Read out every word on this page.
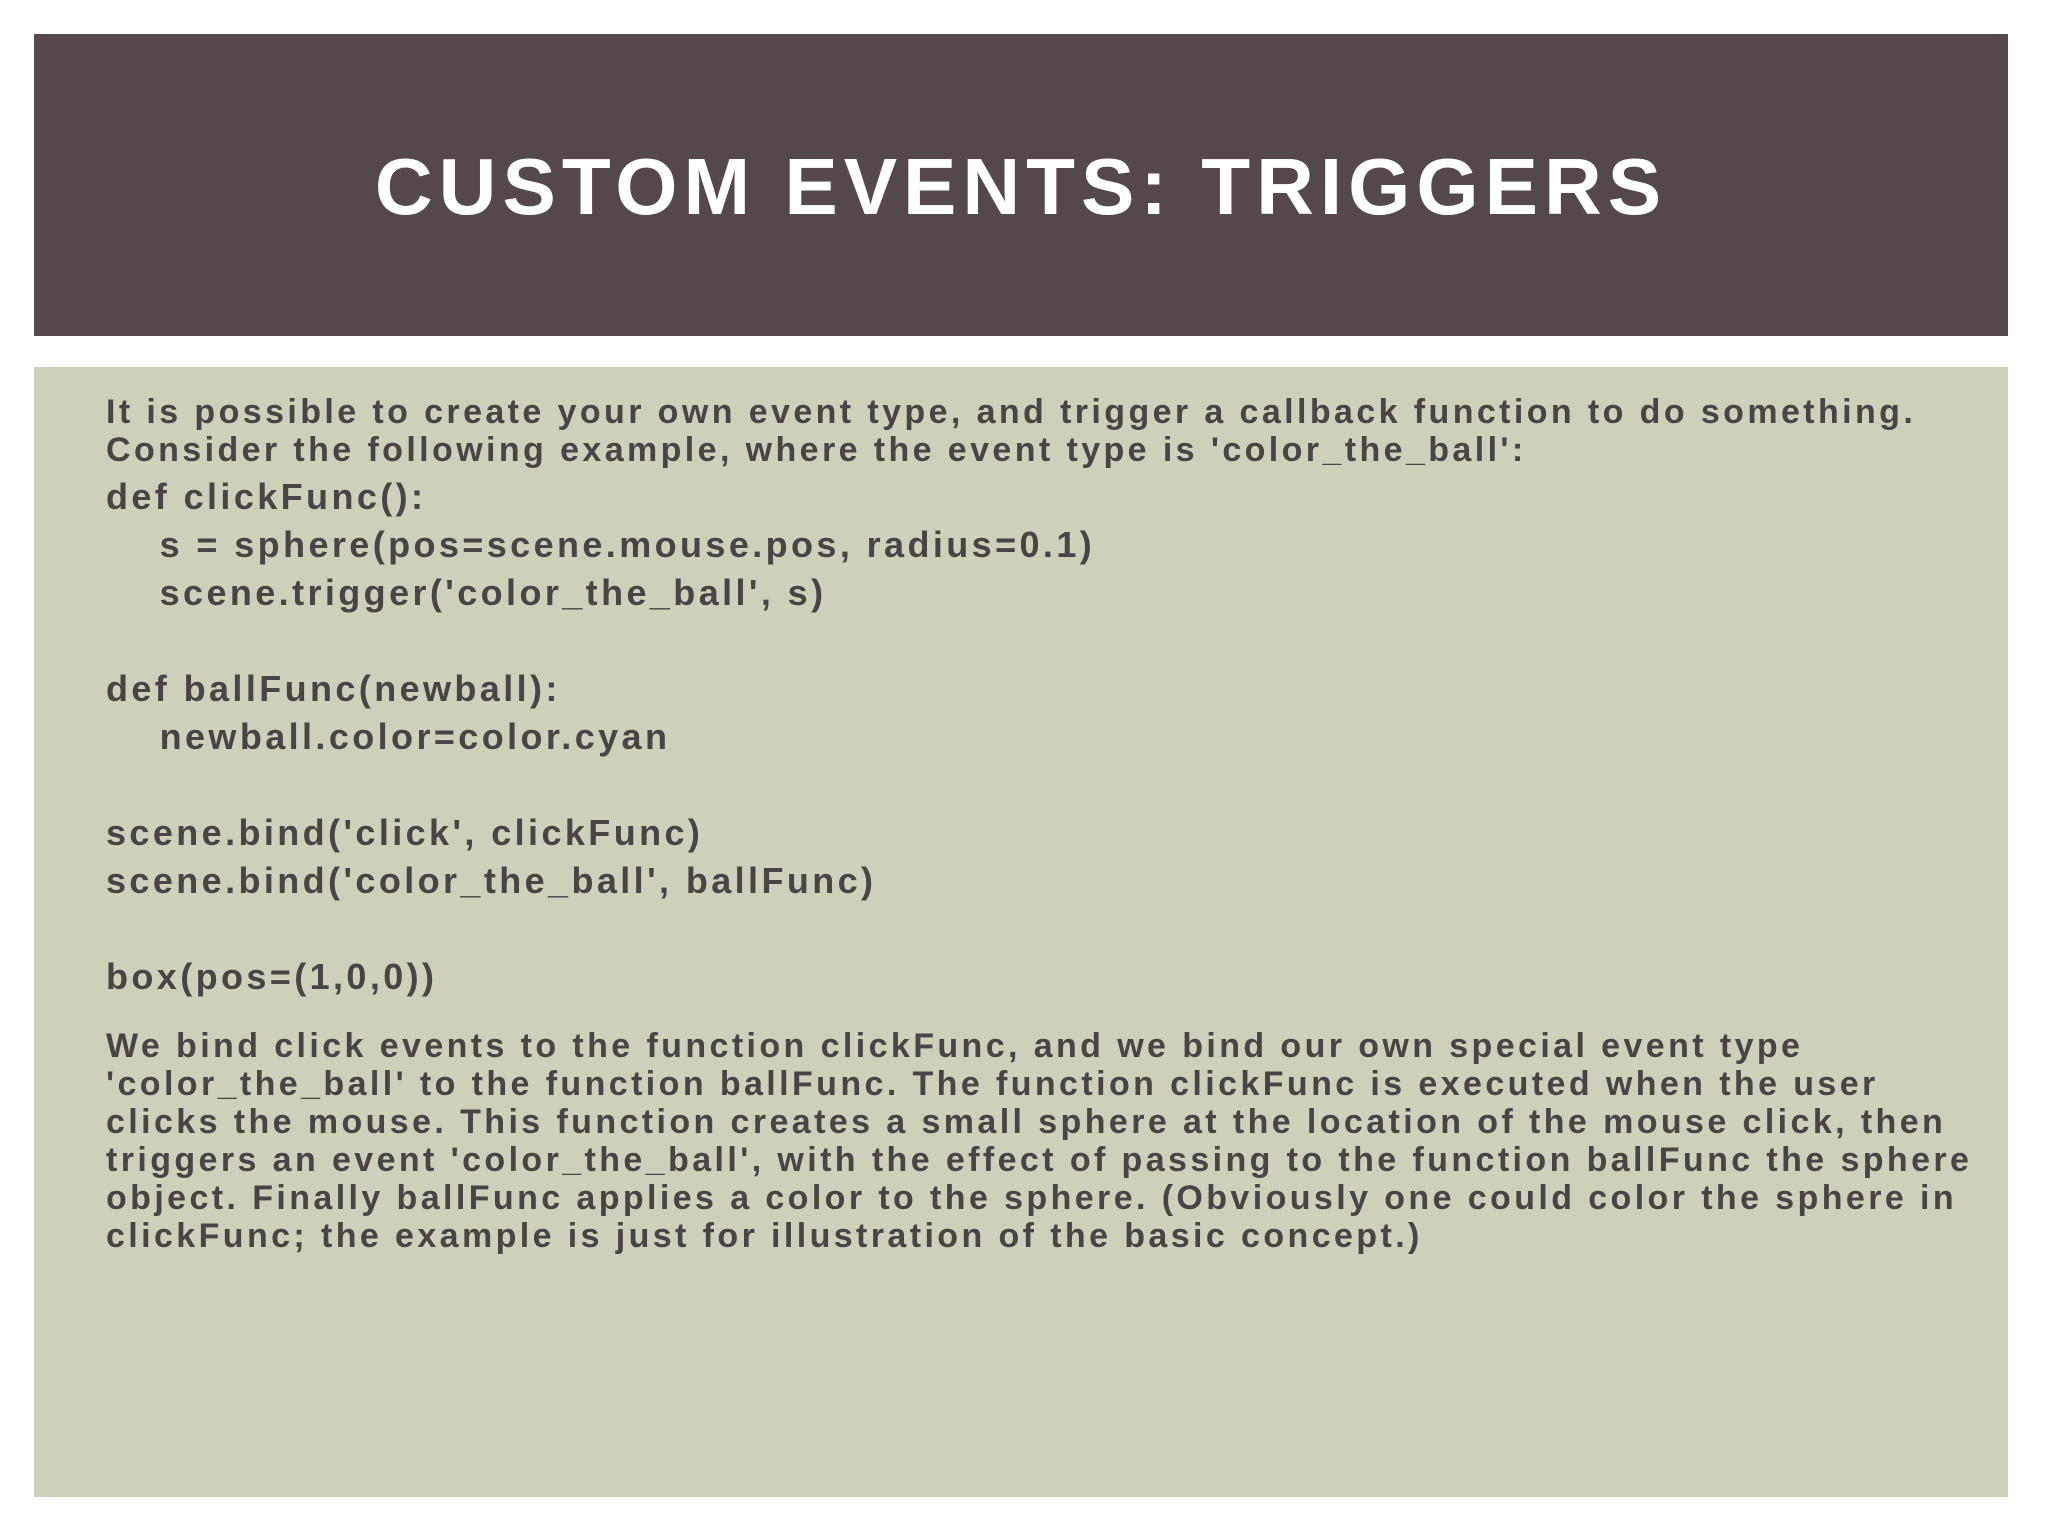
CUSTOM EVENTS: TRIGGERS

It is possible to create your own event type, and trigger a callback function to do something. Consider the following example, where the event type is 'color_the_ball':

def clickFunc():
s = sphere(pos=scene.mouse.pos, radius=0.1)
scene.trigger('color_the_ball', s)
def ballFunc(newball):
newball.color=color.cyan
scene.bind('click', clickFunc)
scene.bind('color_the_ball', ballFunc)
box(pos=(1,0,0))

We bind click events to the function clickFunc, and we bind our own special event type 'color_the_ball' to the function ballFunc. The function clickFunc is executed when the user clicks the mouse. This function creates a small sphere at the location of the mouse click, then triggers an event 'color_the_ball', with the effect of passing to the function ballFunc the sphere object. Finally ballFunc applies a color to the sphere. (Obviously one could color the sphere in clickFunc; the example is just for illustration of the basic concept.)
